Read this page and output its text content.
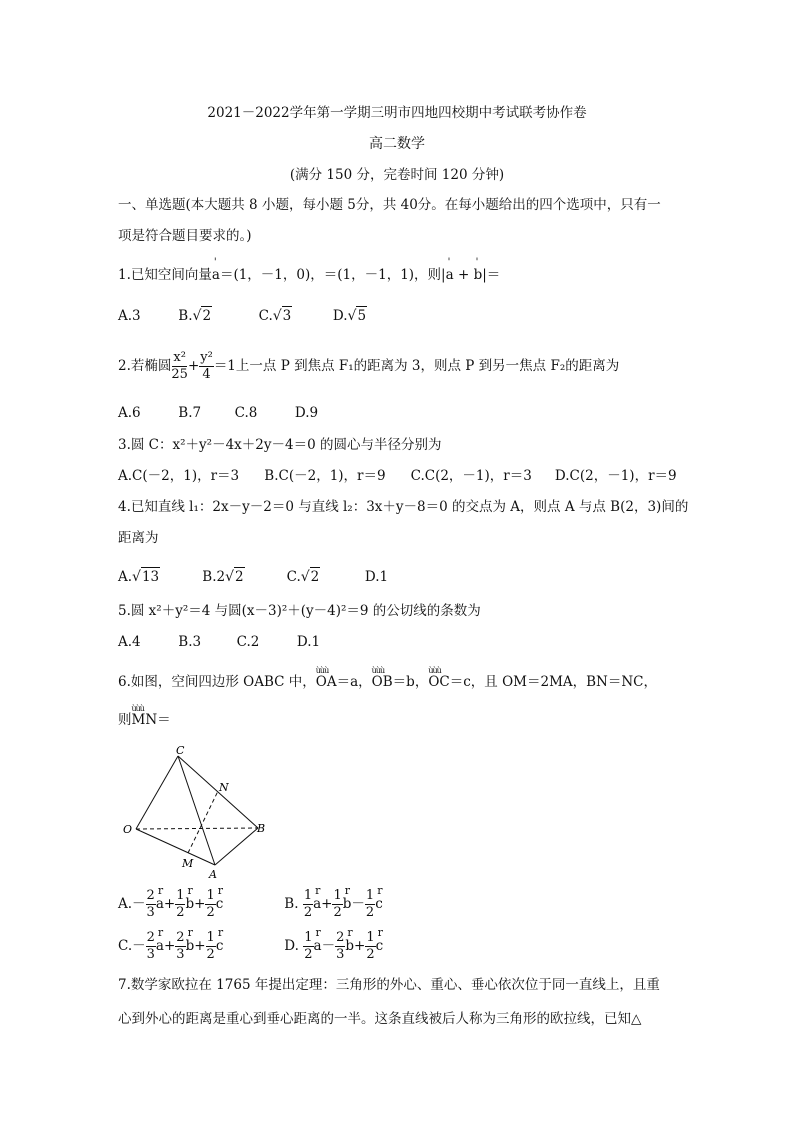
2021－2022学年第一学期三明市四地四校期中考试联考协作卷
高二数学
(满分 150 分，完卷时间 120 分钟)
一、单选题(本大题共 8 小题，每小题 5分，共 40分。在每小题给出的四个选项中，只有一
项是符合题目要求的。)
1.已知空间向量' a＝(1，－1，0)，＝(1，－1，1)，则|' a + ' b|＝
A.3	B.√2	C.√3	D.√5
2.若椭圆 $\frac{\text{x²}}{25} + \frac{\text{y²}}{4} =1$上一点 P 到焦点 F₁的距离为 3，则点 P 到另一焦点 F₂的距离为
A.6	B.7 C.8	D.9
3.圆 C：x²＋y²－4x＋2y－4＝0 的圆心与半径分别为
A.C(－2，1)，r＝3 B.C(－2，1)，r＝9 C.C(2，－1)，r＝3 D.C(2，－1)，r＝9
4.已知直线 l₁：2x－y－2＝0 与直线 l₂：3x＋y－8＝0 的交点为 A，则点 A 与点 B(2，3)间的
距离为
A.√13	B.2√2	C.√2	D.1
5.圆 x²＋y²＝4 与圆(x－3)²＋(y－4)²＝9 的公切线的条数为
A.4	B.3	C.2	D.1
6.如图，空间四边形 OABC 中，ùùù OA＝a，ùùù OB＝b，ùùù OC＝c，且 OM＝2MA，BN＝NC，
则ùùù MN＝
C
N
O	B
M
A
$A.- \frac{2}{3}$ r $a+ \frac{1}{2}$ r $b+ \frac{1}{2}$ r c	B. $\frac{1}{2}$ r $a+ \frac{1}{2}$ r $b- \frac{1}{2}$ r c
$C.- \frac{2}{3}$ r $a+ \frac{2}{3}$ r $b+ \frac{1}{2}$ r c	D. $\frac{1}{2}$ r $a- \frac{2}{3}$ r $b+ \frac{1}{2}$ r c
7.数学家欧拉在 1765 年提出定理：三角形的外心、重心、垂心依次位于同一直线上，且重
心到外心的距离是重心到垂心距离的一半。这条直线被后人称为三角形的欧拉线，已知△
